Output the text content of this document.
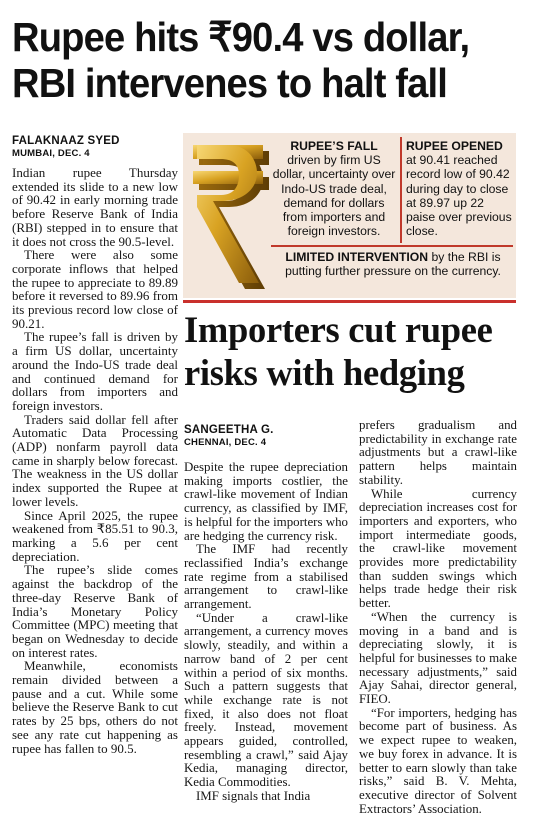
Rupee hits ₹90.4 vs dollar,
RBI intervenes to halt fall
FALAKNAAZ SYED
MUMBAI, DEC. 4

Indian rupee Thursday extended its slide to a new low of 90.42 in early morning trade before Reserve Bank of India (RBI) stepped in to ensure that it does not cross the 90.5-level.

There were also some corporate inflows that helped the rupee to appreciate to 89.89 before it reversed to 89.96 from its previous record low close of 90.21.

The rupee’s fall is driven by a firm US dollar, uncertainty around the Indo-US trade deal and continued demand for dollars from importers and foreign investors.

Traders said dollar fell after Automatic Data Processing (ADP) nonfarm payroll data came in sharply below forecast. The weakness in the US dollar index supported the Rupee at lower levels.

Since April 2025, the rupee weakened from ₹85.51 to 90.3, marking a 5.6 per cent depreciation.

The rupee’s slide comes against the backdrop of the three-day Reserve Bank of India’s Monetary Policy Committee (MPC) meeting that began on Wednesday to decide on interest rates.

Meanwhile, economists remain divided between a pause and a cut. While some believe the Reserve Bank to cut rates by 25 bps, others do not see any rate cut happening as rupee has fallen to 90.5.

RUPEE’S FALL
driven by firm US dollar, uncertainty over Indo-US trade deal, demand for dollars from importers and foreign investors.
RUPEE OPENED
at 90.41 reached record low of 90.42 during day to close at 89.97 up 22 paise over previous close.
LIMITED INTERVENTION by the RBI is putting further pressure on the currency.
Importers cut rupee
risks with hedging
SANGEETHA G.
CHENNAI, DEC. 4

Despite the rupee depreciation making imports costlier, the crawl-like movement of Indian currency, as classified by IMF, is helpful for the importers who are hedging the currency risk.

The IMF had recently reclassified India’s exchange rate regime from a stabilised arrangement to crawl-like arrangement.

“Under a crawl-like arrangement, a currency moves slowly, steadily, and within a narrow band of 2 per cent within a period of six months. Such a pattern suggests that while exchange rate is not fixed, it also does not float freely. Instead, movement appears guided, controlled, resembling a crawl,” said Ajay Kedia, managing director, Kedia Commodities.

IMF signals that India

prefers gradualism and predictability in exchange rate adjustments but a crawl-like pattern helps maintain stability.

While currency depreciation increases cost for importers and exporters, who import intermediate goods, the crawl-like movement provides more predictability than sudden swings which helps trade hedge their risk better.

“When the currency is moving in a band and is depreciating slowly, it is helpful for businesses to make necessary adjustments,” said Ajay Sahai, director general, FIEO.

“For importers, hedging has become part of business. As we expect rupee to weaken, we buy forex in advance. It is better to earn slowly than take risks,” said B. V. Mehta, executive director of Solvent Extractors’ Association.
